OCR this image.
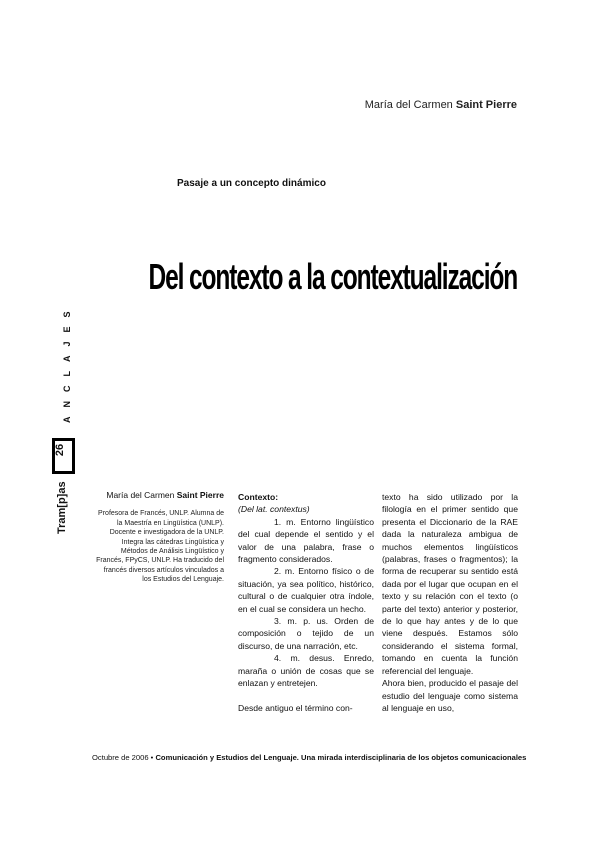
María del Carmen Saint Pierre
Pasaje a un concepto dinámico
Del contexto a la contextualización
ANCLAJES
26
Tram[p]as	María del Carmen Saint Pierre
Profesora de Francés, UNLP. Alumna de la Maestría en Lingüística (UNLP). Docente e investigadora de la UNLP. Integra las cátedras Lingüística y Métodos de Análisis Lingüístico y Francés, FPyCS, UNLP. Ha traducido del francés diversos artículos vinculados a los Estudios del Lenguaje.

Contexto:

(Del lat. contextus)

1. m. Entorno lingüístico del cual depende el sentido y el valor de una palabra, frase o fragmento considerados.

2. m. Entorno físico o de situación, ya sea político, histórico, cultural o de cualquier otra índole, en el cual se considera un hecho.

3. m. p. us. Orden de composición o tejido de un discurso, de una narración, etc.

4. m. desus. Enredo, maraña o unión de cosas que se enlazan y entretejen.

Desde antiguo el término con-

texto ha sido utilizado por la filología en el primer sentido que presenta el Diccionario de la RAE dada la naturaleza ambigua de muchos elementos lingüísticos (palabras, frases o fragmentos); la forma de recuperar su sentido está dada por el lugar que ocupan en el texto y su relación con el texto (o parte del texto) anterior y posterior, de lo que hay antes y de lo que viene después. Estamos sólo considerando el sistema formal, tomando en cuenta la función referencial del lenguaje.

Ahora bien, producido el pasaje del estudio del lenguaje como sistema al lenguaje en uso,

Octubre de 2006 • Comunicación y Estudios del Lenguaje. Una mirada interdisciplinaria de los objetos comunicacionales
